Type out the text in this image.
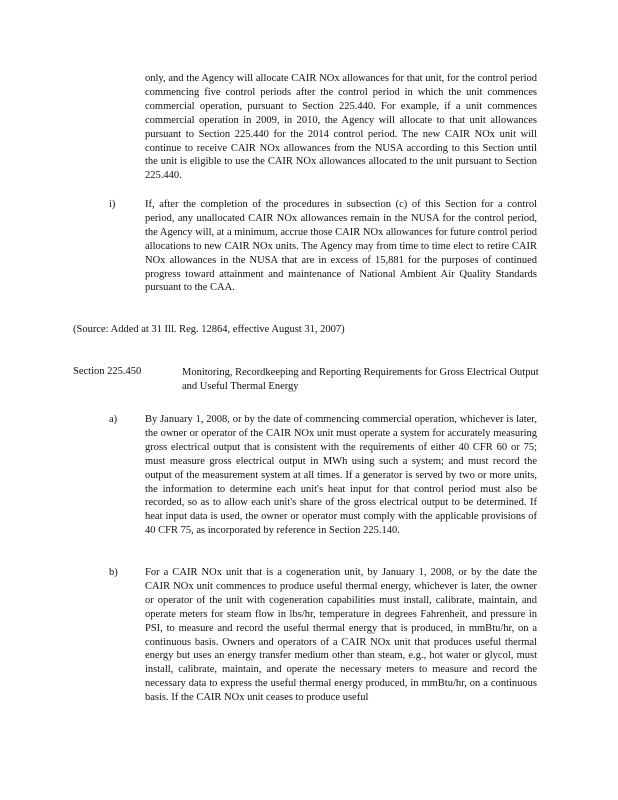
only, and the Agency will allocate CAIR NOx allowances for that unit, for the control period commencing five control periods after the control period in which the unit commences commercial operation, pursuant to Section 225.440. For example, if a unit commences commercial operation in 2009, in 2010, the Agency will allocate to that unit allowances pursuant to Section 225.440 for the 2014 control period. The new CAIR NOx unit will continue to receive CAIR NOx allowances from the NUSA according to this Section until the unit is eligible to use the CAIR NOx allowances allocated to the unit pursuant to Section 225.440.
i)	If, after the completion of the procedures in subsection (c) of this Section for a control period, any unallocated CAIR NOx allowances remain in the NUSA for the control period, the Agency will, at a minimum, accrue those CAIR NOx allowances for future control period allocations to new CAIR NOx units. The Agency may from time to time elect to retire CAIR NOx allowances in the NUSA that are in excess of 15,881 for the purposes of continued progress toward attainment and maintenance of National Ambient Air Quality Standards pursuant to the CAA.
(Source: Added at 31 Ill. Reg. 12864, effective August 31, 2007)
Section 225.450	Monitoring, Recordkeeping and Reporting Requirements for Gross Electrical Output and Useful Thermal Energy
a)	By January 1, 2008, or by the date of commencing commercial operation, whichever is later, the owner or operator of the CAIR NOx unit must operate a system for accurately measuring gross electrical output that is consistent with the requirements of either 40 CFR 60 or 75; must measure gross electrical output in MWh using such a system; and must record the output of the measurement system at all times. If a generator is served by two or more units, the information to determine each unit's heat input for that control period must also be recorded, so as to allow each unit's share of the gross electrical output to be determined. If heat input data is used, the owner or operator must comply with the applicable provisions of 40 CFR 75, as incorporated by reference in Section 225.140.
b)	For a CAIR NOx unit that is a cogeneration unit, by January 1, 2008, or by the date the CAIR NOx unit commences to produce useful thermal energy, whichever is later, the owner or operator of the unit with cogeneration capabilities must install, calibrate, maintain, and operate meters for steam flow in lbs/hr, temperature in degrees Fahrenheit, and pressure in PSI, to measure and record the useful thermal energy that is produced, in mmBtu/hr, on a continuous basis. Owners and operators of a CAIR NOx unit that produces useful thermal energy but uses an energy transfer medium other than steam, e.g., hot water or glycol, must install, calibrate, maintain, and operate the necessary meters to measure and record the necessary data to express the useful thermal energy produced, in mmBtu/hr, on a continuous basis. If the CAIR NOx unit ceases to produce useful
